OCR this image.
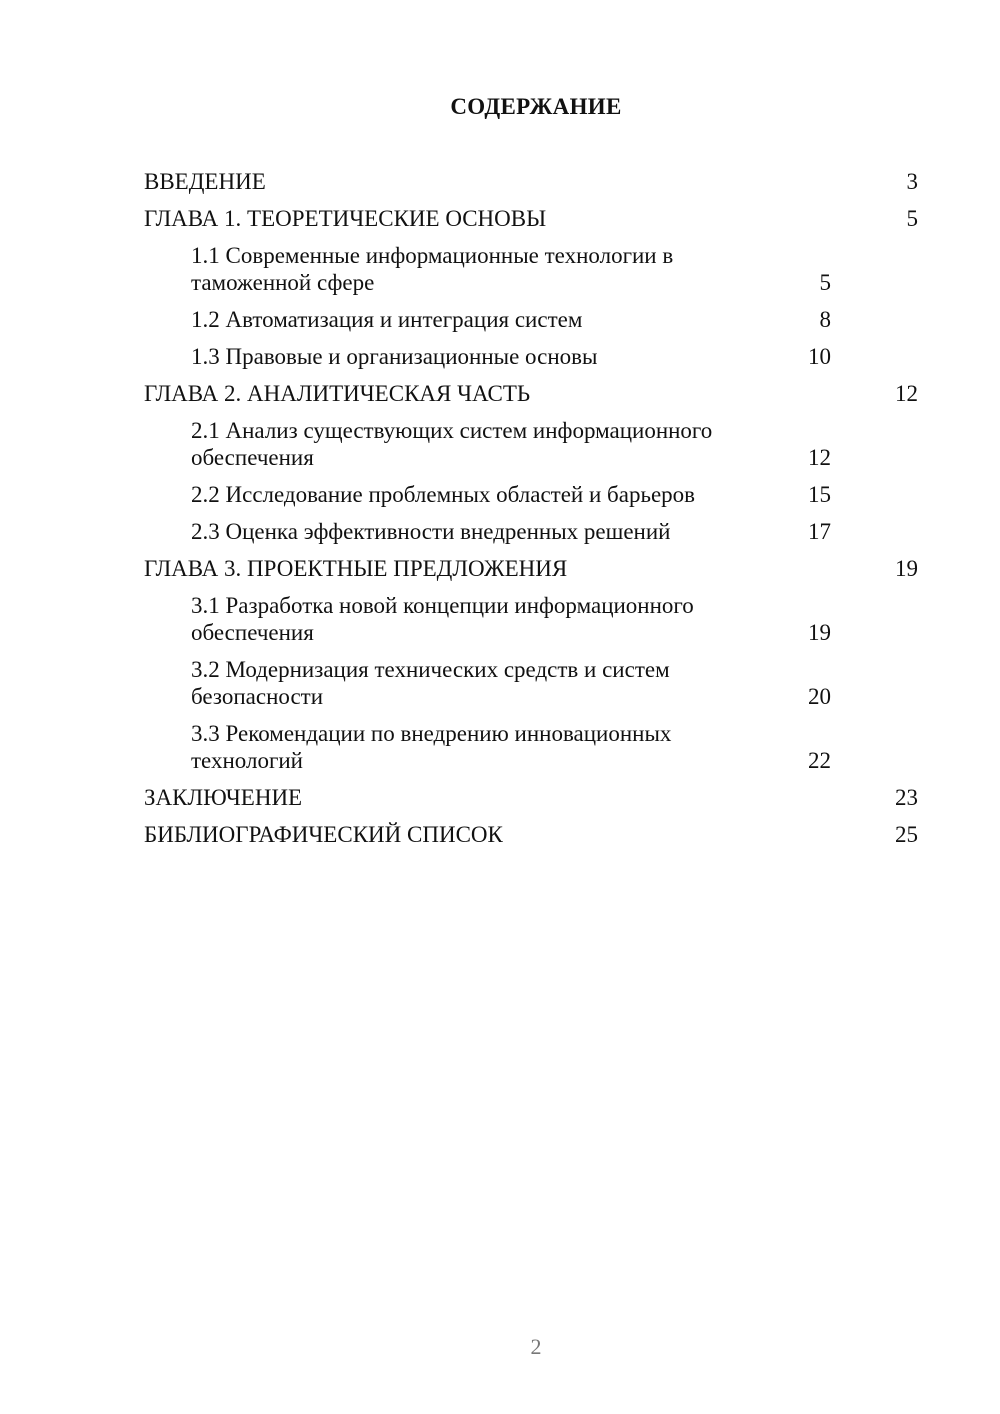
СОДЕРЖАНИЕ
ВВЕДЕНИЕ	3
ГЛАВА 1. ТЕОРЕТИЧЕСКИЕ ОСНОВЫ	5
1.1 Современные информационные технологии в таможенной сфере	5
1.2 Автоматизация и интеграция систем	8
1.3 Правовые и организационные основы	10
ГЛАВА 2. АНАЛИТИЧЕСКАЯ ЧАСТЬ	12
2.1 Анализ существующих систем информационного обеспечения	12
2.2 Исследование проблемных областей и барьеров	15
2.3 Оценка эффективности внедренных решений	17
ГЛАВА 3. ПРОЕКТНЫЕ ПРЕДЛОЖЕНИЯ	19
3.1 Разработка новой концепции информационного обеспечения	19
3.2 Модернизация технических средств и систем безопасности	20
3.3 Рекомендации по внедрению инновационных технологий	22
ЗАКЛЮЧЕНИЕ	23
БИБЛИОГРАФИЧЕСКИЙ СПИСОК	25
2
